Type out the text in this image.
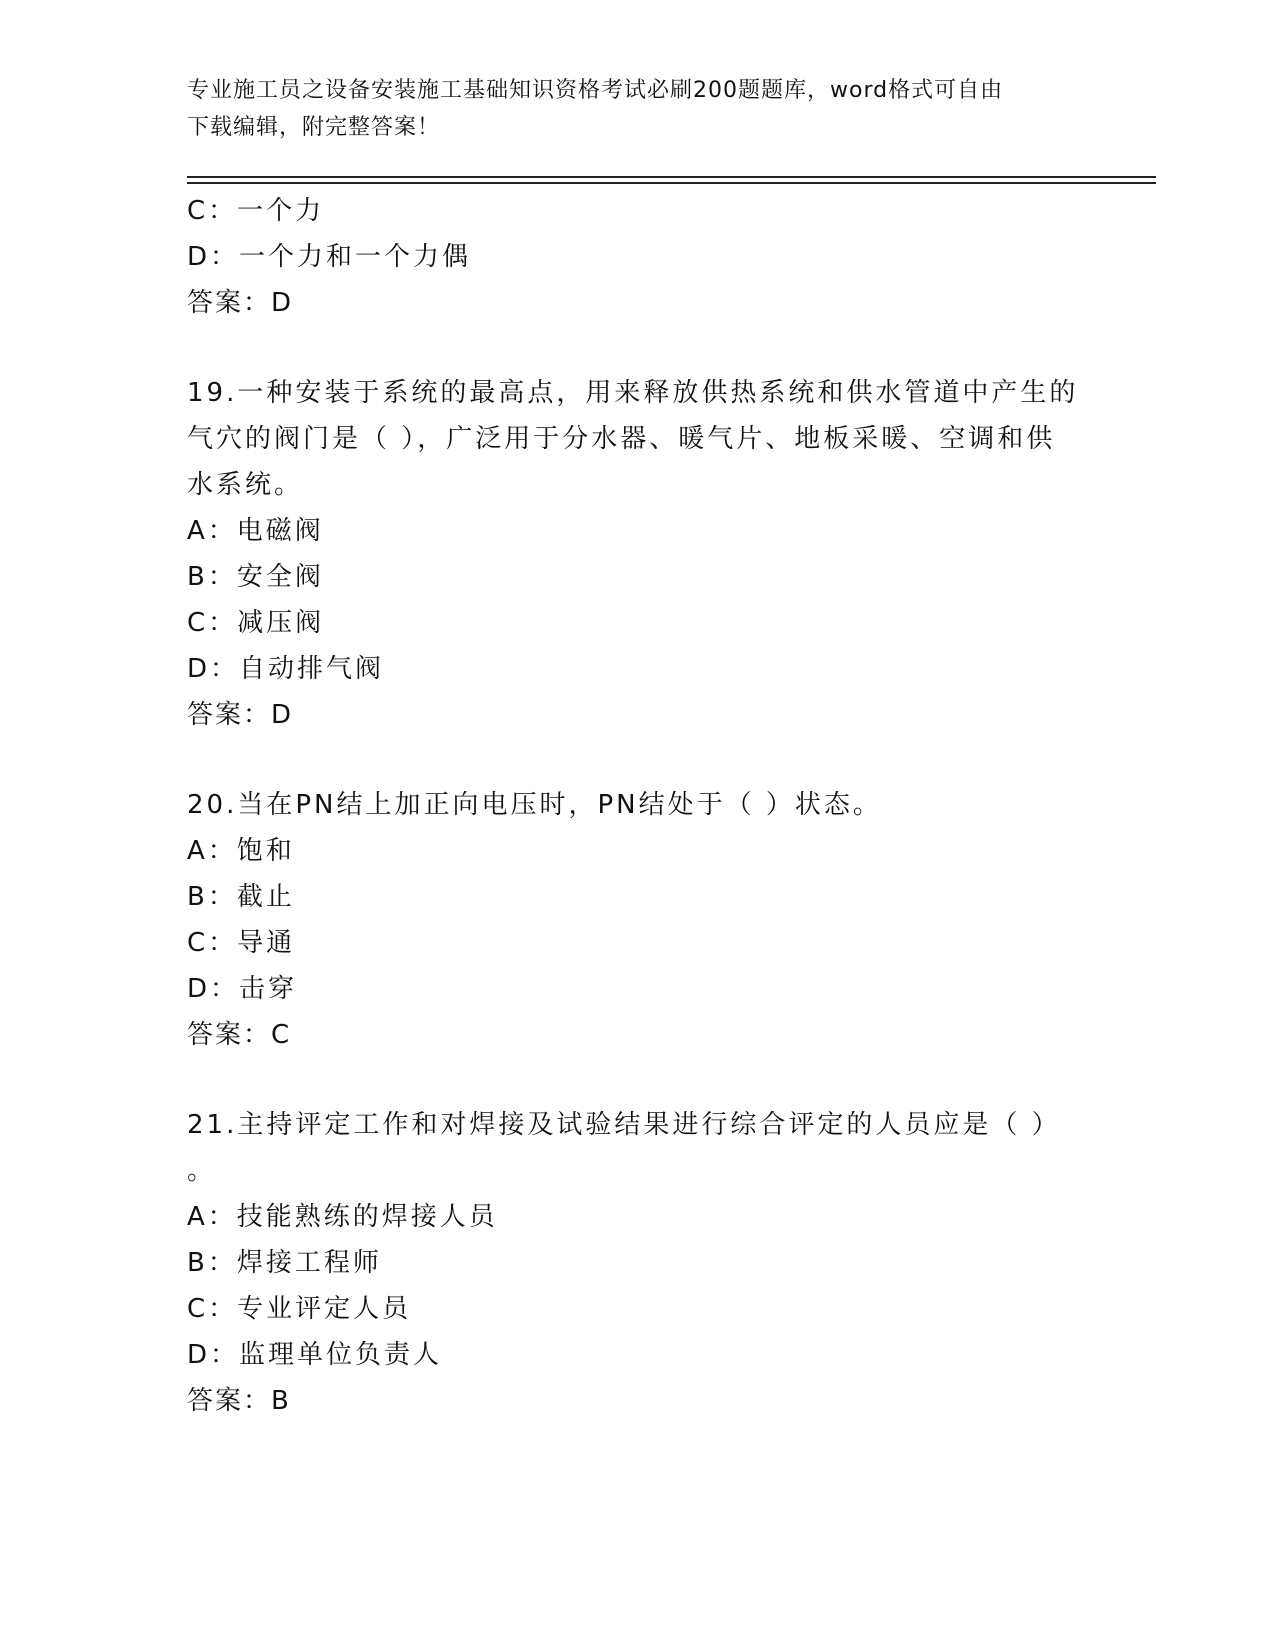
专业施工员之设备安装施工基础知识资格考试必刷200题题库，word格式可自由
下载编辑，附完整答案！
C：一个力
D：一个力和一个力偶
答案：D
19.一种安装于系统的最高点，用来释放供热系统和供水管道中产生的
气穴的阀门是（ ），广泛用于分水器、暖气片、地板采暖、空调和供
水系统。
A：电磁阀
B：安全阀
C：减压阀
D：自动排气阀
答案：D
20.当在PN结上加正向电压时，PN结处于（ ）状态。
A：饱和
B：截止
C：导通
D：击穿
答案：C
21.主持评定工作和对焊接及试验结果进行综合评定的人员应是（ ）
。
A：技能熟练的焊接人员
B：焊接工程师
C：专业评定人员
D：监理单位负责人
答案：B
